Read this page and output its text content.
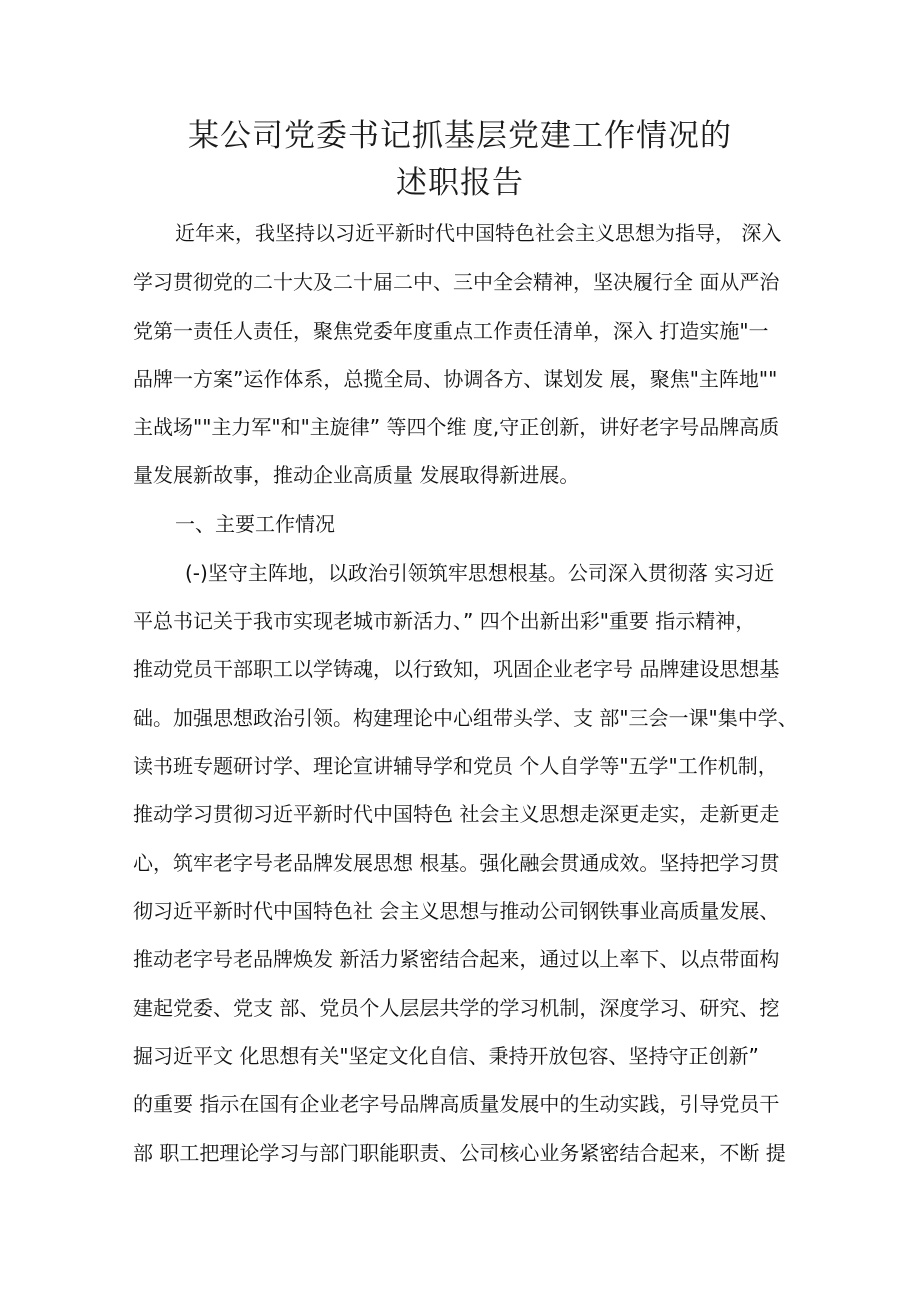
某公司党委书记抓基层党建工作情况的
述职报告
近年来，我坚持以习近平新时代中国特色社会主义思想为指导， 深入
学习贯彻党的二十大及二十届二中、三中全会精神，坚决履行全 面从严治
党第一责任人责任，聚焦党委年度重点工作责任清单，深入 打造实施"一
品牌一方案”运作体系，总揽全局、协调各方、谋划发 展，聚焦"主阵地""
主战场""主力军"和"主旋律” 等四个维 度,守正创新，讲好老字号品牌高质
量发展新故事，推动企业高质量 发展取得新进展。
一、主要工作情况
(-)坚守主阵地，以政治引领筑牢思想根基。公司深入贯彻落 实习近
平总书记关于我市实现老城市新活力、” 四个出新出彩"重要 指示精神，
推动党员干部职工以学铸魂，以行致知，巩固企业老字号 品牌建设思想基
础。加强思想政治引领。构建理论中心组带头学、支 部"三会一课"集中学、
读书班专题研讨学、理论宣讲辅导学和党员 个人自学等"五学"工作机制，
推动学习贯彻习近平新时代中国特色 社会主义思想走深更走实，走新更走
心，筑牢老字号老品牌发展思想 根基。强化融会贯通成效。坚持把学习贯
彻习近平新时代中国特色社 会主义思想与推动公司钢铁事业高质量发展、
推动老字号老品牌焕发 新活力紧密结合起来，通过以上率下、以点带面构
建起党委、党支 部、党员个人层层共学的学习机制，深度学习、研究、挖
掘习近平文 化思想有关"坚定文化自信、秉持开放包容、坚持守正创新”
的重要 指示在国有企业老字号品牌高质量发展中的生动实践，引导党员干
部 职工把理论学习与部门职能职责、公司核心业务紧密结合起来，不断 提
